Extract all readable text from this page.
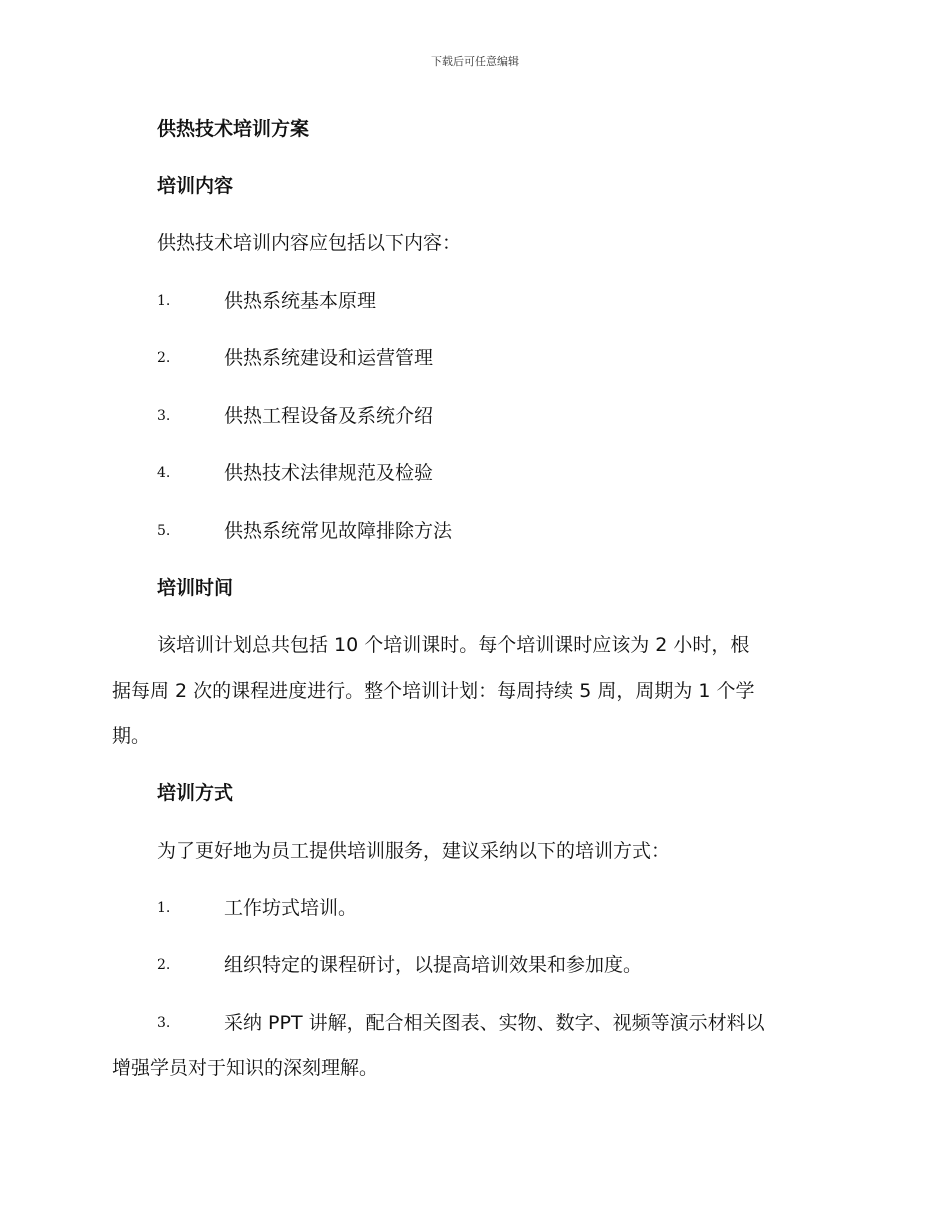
下载后可任意编辑
供热技术培训方案
培训内容
供热技术培训内容应包括以下内容：
1.	供热系统基本原理
2.	供热系统建设和运营管理
3.	供热工程设备及系统介绍
4.	供热技术法律规范及检验
5.	供热系统常见故障排除方法
培训时间
该培训计划总共包括 10 个培训课时。每个培训课时应该为 2 小时，根
据每周 2 次的课程进度进行。整个培训计划：每周持续 5 周，周期为 1 个学
期。
培训方式
为了更好地为员工提供培训服务，建议采纳以下的培训方式：
1.	工作坊式培训。
2.	组织特定的课程研讨，以提高培训效果和参加度。
3.	采纳 PPT 讲解，配合相关图表、实物、数字、视频等演示材料以
增强学员对于知识的深刻理解。
